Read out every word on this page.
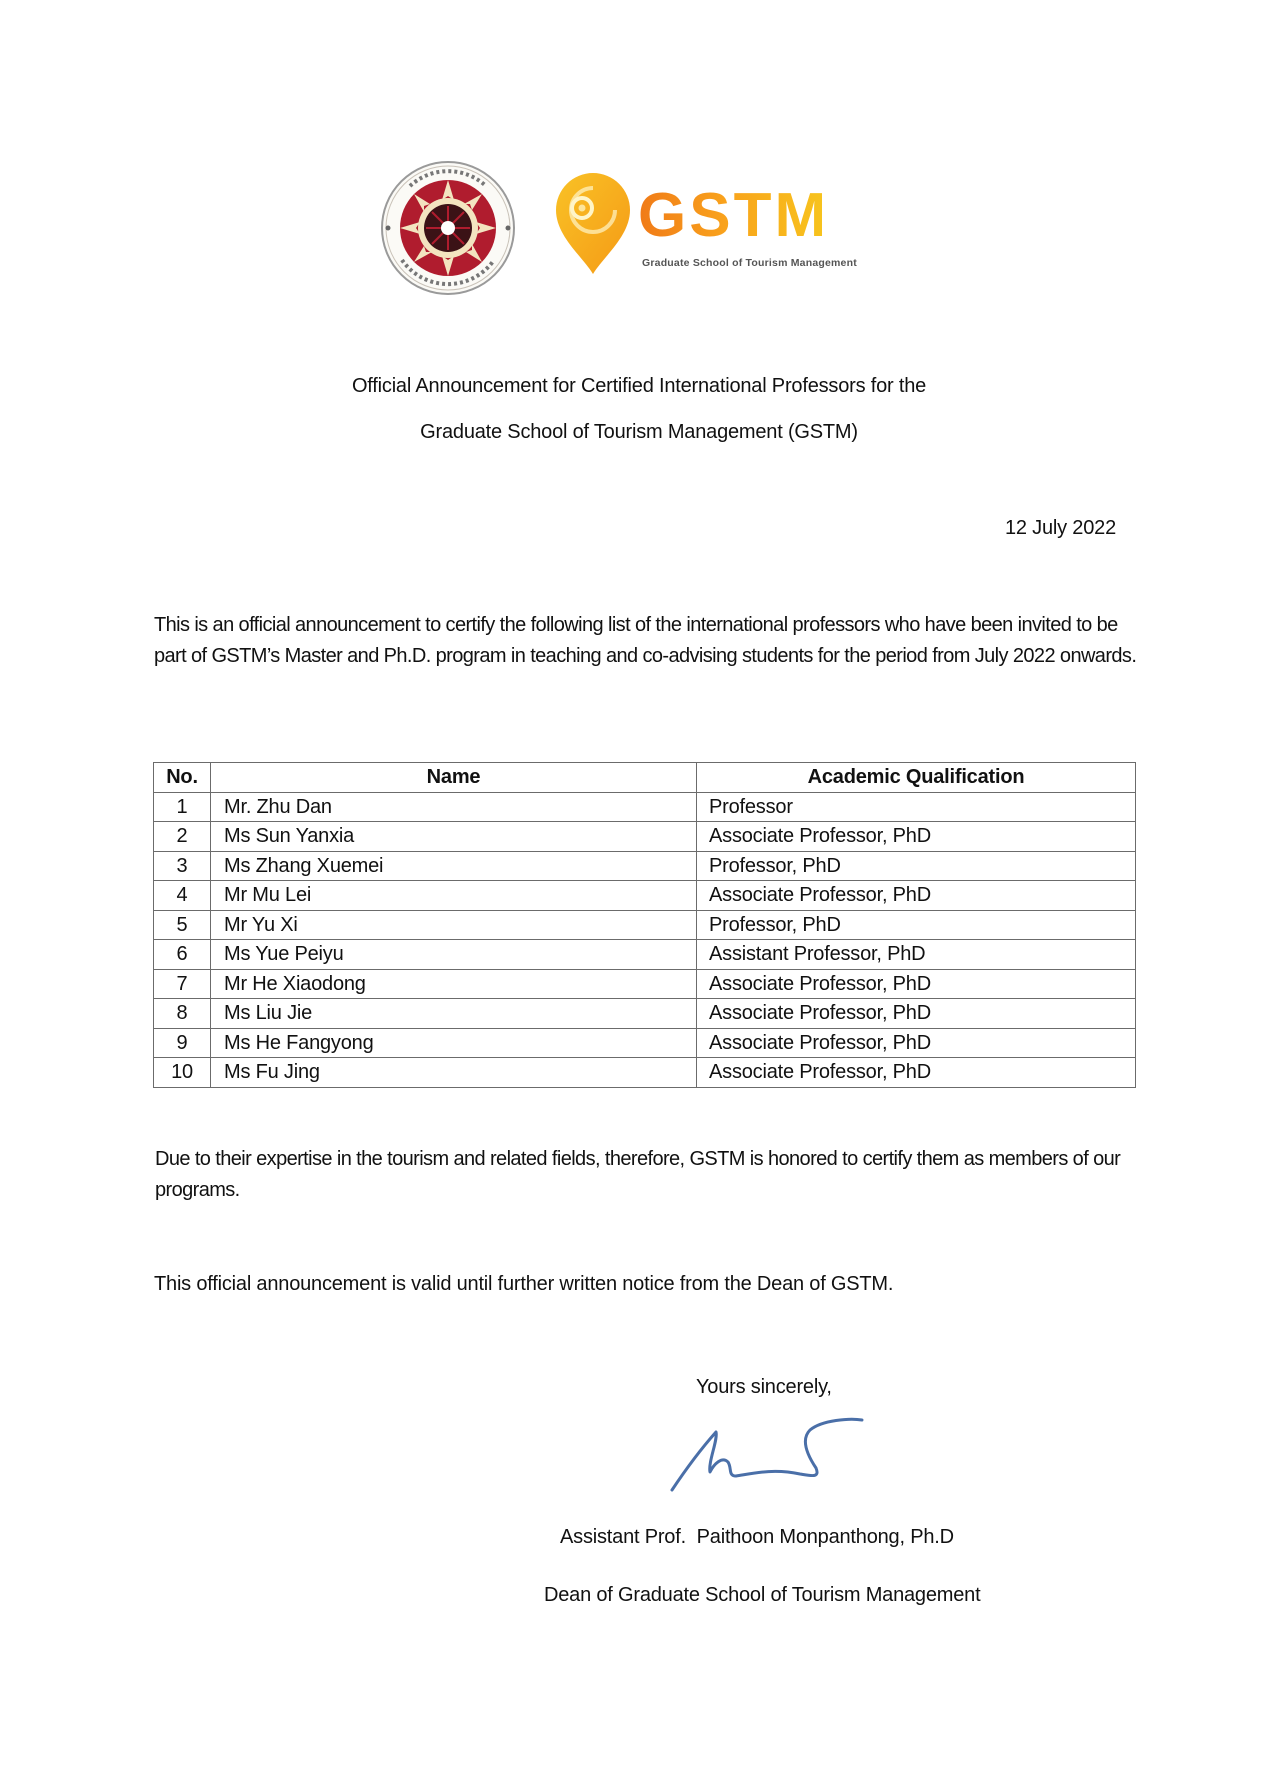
GSTM
Graduate School of Tourism Management
Official Announcement for Certified International Professors for the
Graduate School of Tourism Management (GSTM)
12 July 2022
This is an official announcement to certify the following list of the international professors who have been invited to be part of GSTM’s Master and Ph.D. program in teaching and co-advising students for the period from July 2022 onwards.
No.	Name	Academic Qualification
1	Mr. Zhu Dan	Professor
2	Ms Sun Yanxia	Associate Professor, PhD
3	Ms Zhang Xuemei	Professor, PhD
4	Mr Mu Lei	Associate Professor, PhD
5	Mr Yu Xi	Professor, PhD
6	Ms Yue Peiyu	Assistant Professor, PhD
7	Mr He Xiaodong	Associate Professor, PhD
8	Ms Liu Jie	Associate Professor, PhD
9	Ms He Fangyong	Associate Professor, PhD
10	Ms Fu Jing	Associate Professor, PhD
Due to their expertise in the tourism and related fields, therefore, GSTM is honored to certify them as members of our programs.
This official announcement is valid until further written notice from the Dean of GSTM.
Yours sincerely,
Assistant Prof.  Paithoon Monpanthong, Ph.D
Dean of Graduate School of Tourism Management
